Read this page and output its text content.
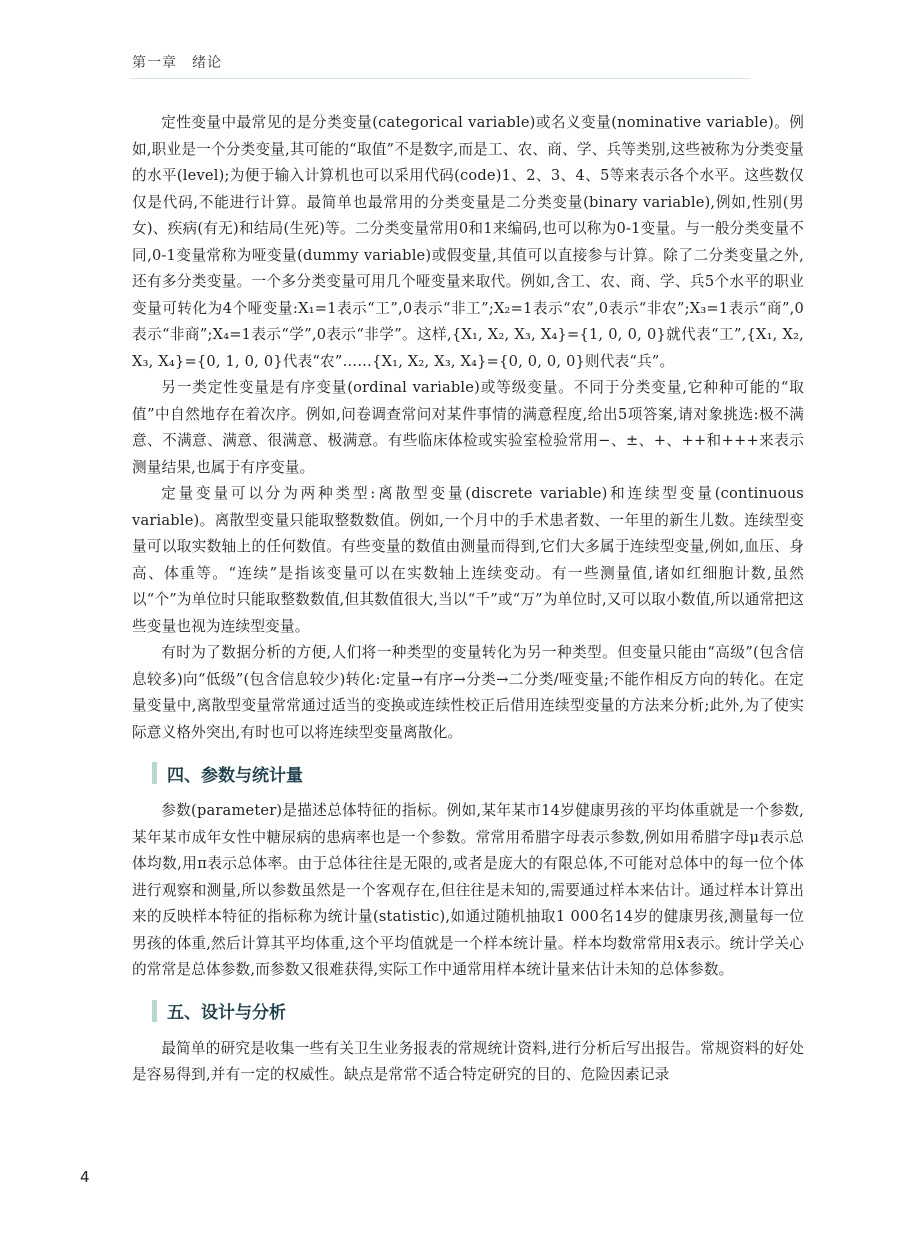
第一章　绪论

定性变量中最常见的是分类变量(categorical variable)或名义变量(nominative variable)。例如,职业是一个分类变量,其可能的“取值”不是数字,而是工、农、商、学、兵等类别,这些被称为分类变量的水平(level);为便于输入计算机也可以采用代码(code)1、2、3、4、5等来表示各个水平。这些数仅仅是代码,不能进行计算。最简单也最常用的分类变量是二分类变量(binary variable),例如,性别(男女)、疾病(有无)和结局(生死)等。二分类变量常用0和1来编码,也可以称为0-1变量。与一般分类变量不同,0-1变量常称为哑变量(dummy variable)或假变量,其值可以直接参与计算。除了二分类变量之外,还有多分类变量。一个多分类变量可用几个哑变量来取代。例如,含工、农、商、学、兵5个水平的职业变量可转化为4个哑变量:X₁=1表示“工”,0表示“非工”;X₂=1表示“农”,0表示“非农”;X₃=1表示“商”,0表示“非商”;X₄=1表示“学”,0表示“非学”。这样,{X₁, X₂, X₃, X₄}={1, 0, 0, 0}就代表“工”,{X₁, X₂, X₃, X₄}={0, 1, 0, 0}代表“农”……{X₁, X₂, X₃, X₄}={0, 0, 0, 0}则代表“兵”。

另一类定性变量是有序变量(ordinal variable)或等级变量。不同于分类变量,它种种可能的“取值”中自然地存在着次序。例如,问卷调查常问对某件事情的满意程度,给出5项答案,请对象挑选:极不满意、不满意、满意、很满意、极满意。有些临床体检或实验室检验常用−、±、+、++和+++来表示测量结果,也属于有序变量。

定量变量可以分为两种类型:离散型变量(discrete variable)和连续型变量(continuous variable)。离散型变量只能取整数数值。例如,一个月中的手术患者数、一年里的新生儿数。连续型变量可以取实数轴上的任何数值。有些变量的数值由测量而得到,它们大多属于连续型变量,例如,血压、身高、体重等。“连续”是指该变量可以在实数轴上连续变动。有一些测量值,诸如红细胞计数,虽然以“个”为单位时只能取整数数值,但其数值很大,当以“千”或“万”为单位时,又可以取小数值,所以通常把这些变量也视为连续型变量。

有时为了数据分析的方便,人们将一种类型的变量转化为另一种类型。但变量只能由“高级”(包含信息较多)向“低级”(包含信息较少)转化:定量→有序→分类→二分类/哑变量;不能作相反方向的转化。在定量变量中,离散型变量常常通过适当的变换或连续性校正后借用连续型变量的方法来分析;此外,为了使实际意义格外突出,有时也可以将连续型变量离散化。

四、参数与统计量

参数(parameter)是描述总体特征的指标。例如,某年某市14岁健康男孩的平均体重就是一个参数,某年某市成年女性中糖尿病的患病率也是一个参数。常常用希腊字母表示参数,例如用希腊字母μ表示总体均数,用π表示总体率。由于总体往往是无限的,或者是庞大的有限总体,不可能对总体中的每一位个体进行观察和测量,所以参数虽然是一个客观存在,但往往是未知的,需要通过样本来估计。通过样本计算出来的反映样本特征的指标称为统计量(statistic),如通过随机抽取1 000名14岁的健康男孩,测量每一位男孩的体重,然后计算其平均体重,这个平均值就是一个样本统计量。样本均数常常用x̄表示。统计学关心的常常是总体参数,而参数又很难获得,实际工作中通常用样本统计量来估计未知的总体参数。

五、设计与分析

最简单的研究是收集一些有关卫生业务报表的常规统计资料,进行分析后写出报告。常规资料的好处是容易得到,并有一定的权威性。缺点是常常不适合特定研究的目的、危险因素记录

4
